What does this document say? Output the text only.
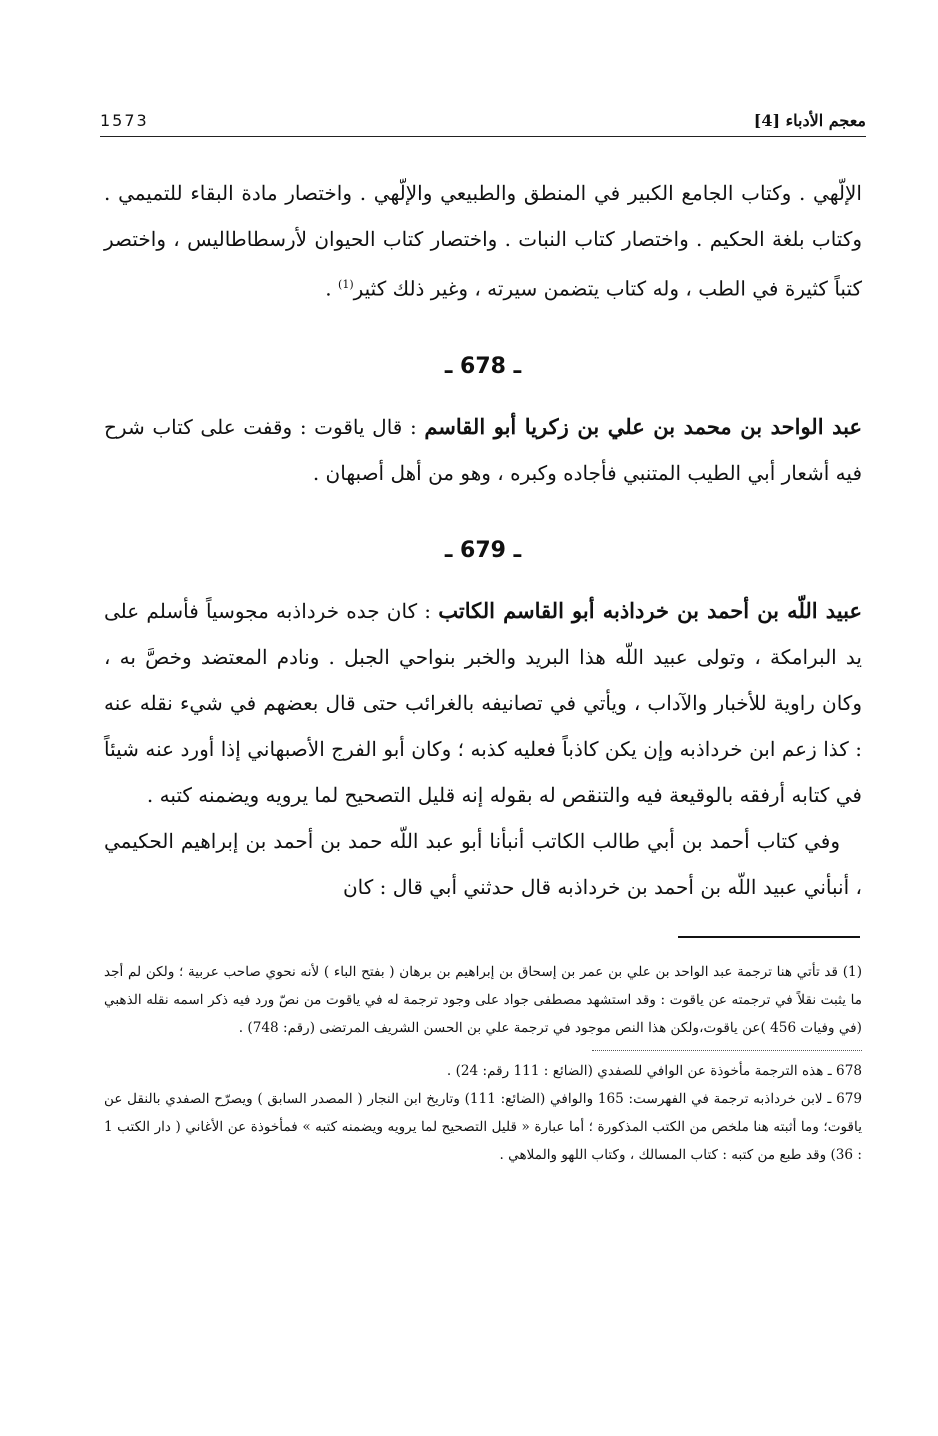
1573	معجم الأدباء [4]

الإلّهي . وكتاب الجامع الكبير في المنطق والطبيعي والإلّهي . واختصار مادة البقاء للتميمي . وكتاب بلغة الحكيم . واختصار كتاب النبات . واختصار كتاب الحيوان لأرسطاطاليس ، واختصر كتباً كثيرة في الطب ، وله كتاب يتضمن سيرته ، وغير ذلك كثير$^{(1)}$ .

ـ 678 ـ

عبد الواحد بن محمد بن علي بن زكريا أبو القاسم : قال ياقوت : وقفت على كتاب شرح فيه أشعار أبي الطيب المتنبي فأجاده وكبره ، وهو من أهل أصبهان .

ـ 679 ـ

عبيد اللّه بن أحمد بن خرداذبه أبو القاسم الكاتب : كان جده خرداذبه مجوسياً فأسلم على يد البرامكة ، وتولى عبيد اللّه هذا البريد والخبر بنواحي الجبل . ونادم المعتضد وخصَّ به ، وكان راوية للأخبار والآداب ، ويأتي في تصانيفه بالغرائب حتى قال بعضهم في شيء نقله عنه : كذا زعم ابن خرداذبه وإن يكن كاذباً فعليه كذبه ؛ وكان أبو الفرج الأصبهاني إذا أورد عنه شيئاً في كتابه أرفقه بالوقيعة فيه والتنقص له بقوله إنه قليل التصحيح لما يرويه ويضمنه كتبه .

وفي كتاب أحمد بن أبي طالب الكاتب أنبأنا أبو عبد اللّه حمد بن أحمد بن إبراهيم الحكيمي ، أنبأني عبيد اللّه بن أحمد بن خرداذبه قال حدثني أبي قال : كان

(1) قد تأتي هنا ترجمة عبد الواحد بن علي بن عمر بن إسحاق بن إبراهيم بن برهان ( بفتح الباء ) لأنه نحوي صاحب عربية ؛ ولكن لم أجد ما يثبت نقلاً في ترجمته عن ياقوت : وقد استشهد مصطفى جواد على وجود ترجمة له في ياقوت من نصّ ورد فيه ذكر اسمه نقله الذهبي (في وفيات 456 )عن ياقوت،ولكن هذا النص موجود في ترجمة علي بن الحسن الشريف المرتضى (رقم: 748) .

678 ـ هذه الترجمة مأخوذة عن الوافي للصفدي (الضائع : 111 رقم: 24) .

679 ـ لابن خرداذبه ترجمة في الفهرست: 165 والوافي (الضائع: 111) وتاريخ ابن النجار ( المصدر السابق ) ويصرّح الصفدي بالنقل عن ياقوت؛ وما أثبته هنا ملخص من الكتب المذكورة ؛ أما عبارة « قليل التصحيح لما يرويه ويضمنه كتبه » فمأخوذة عن الأغاني ( دار الكتب 1 : 36) وقد طبع من كتبه : كتاب المسالك ، وكتاب اللهو والملاهي .
